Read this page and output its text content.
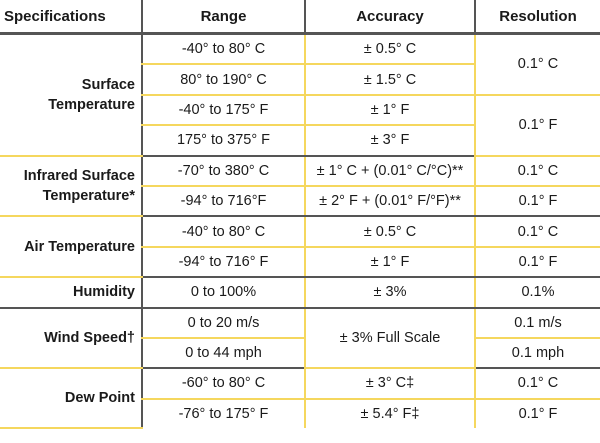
Specifications	Range	Accuracy	Resolution
Surface Temperature	-40° to 80° C	± 0.5° C	0.1° C
	80° to 190° C	± 1.5° C	
	-40° to 175° F	± 1° F	0.1° F
	175° to 375° F	± 3° F	
Infrared Surface Temperature*	-70° to 380° C	± 1° C + (0.01° C/°C)**	0.1° C
	-94° to 716°F	± 2° F + (0.01° F/°F)**	0.1° F
Air Temperature	-40° to 80° C	± 0.5° C	0.1° C
	-94° to 716° F	± 1° F	0.1° F
Humidity	0 to 100%	± 3%	0.1%
Wind Speed†	0 to 20 m/s	± 3% Full Scale	0.1 m/s
	0 to 44 mph		0.1 mph
Dew Point	-60° to 80° C	± 3° C‡	0.1° C
	-76° to 175° F	± 5.4° F‡	0.1° F
